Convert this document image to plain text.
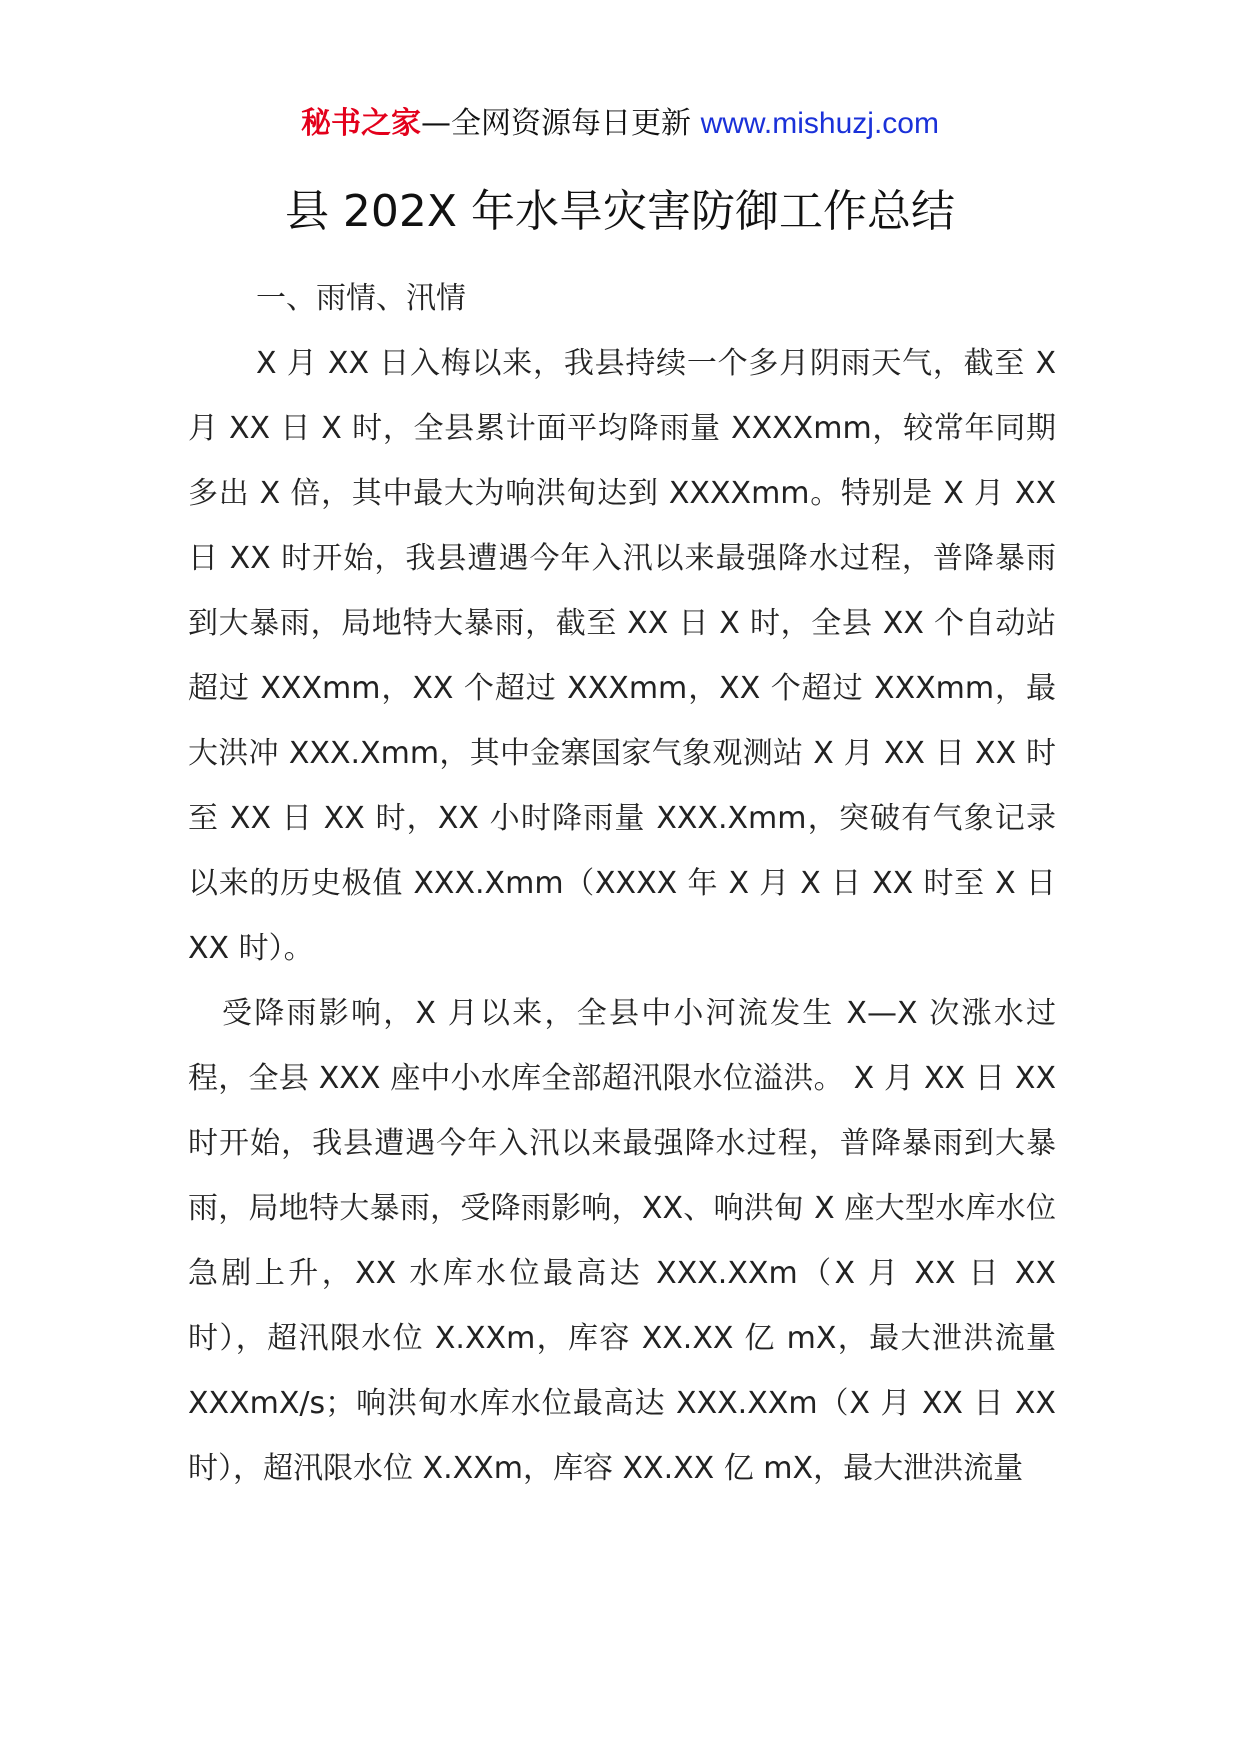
秘书之家—全网资源每日更新 www.mishuzj.com
县 202X 年水旱灾害防御工作总结

一、雨情、汛情

X 月 XX 日入梅以来，我县持续一个多月阴雨天气，截至 X 月 XX 日 X 时，全县累计面平均降雨量 XXXXmm，较常年同期多出 X 倍，其中最大为响洪甸达到 XXXXmm。特别是 X 月 XX 日 XX 时开始，我县遭遇今年入汛以来最强降水过程，普降暴雨到大暴雨，局地特大暴雨，截至 XX 日 X 时，全县 XX 个自动站超过 XXXmm，XX 个超过 XXXmm，XX 个超过 XXXmm，最大洪冲 XXX.Xmm，其中金寨国家气象观测站 X 月 XX 日 XX 时至 XX 日 XX 时，XX 小时降雨量 XXX.Xmm，突破有气象记录以来的历史极值 XXX.Xmm（XXXX 年 X 月 X 日 XX 时至 X 日 XX 时）。

受降雨影响，X 月以来，全县中小河流发生 X—X 次涨水过程，全县 XXX 座中小水库全部超汛限水位溢洪。 X 月 XX 日 XX 时开始，我县遭遇今年入汛以来最强降水过程，普降暴雨到大暴雨，局地特大暴雨，受降雨影响，XX、响洪甸 X 座大型水库水位急剧上升，XX 水库水位最高达 XXX.XXm（X 月 XX 日 XX 时），超汛限水位 X.XXm，库容 XX.XX 亿 mX，最大泄洪流量 XXXmX/s；响洪甸水库水位最高达 XXX.XXm（X 月 XX 日 XX 时），超汛限水位 X.XXm，库容 XX.XX 亿 mX，最大泄洪流量
